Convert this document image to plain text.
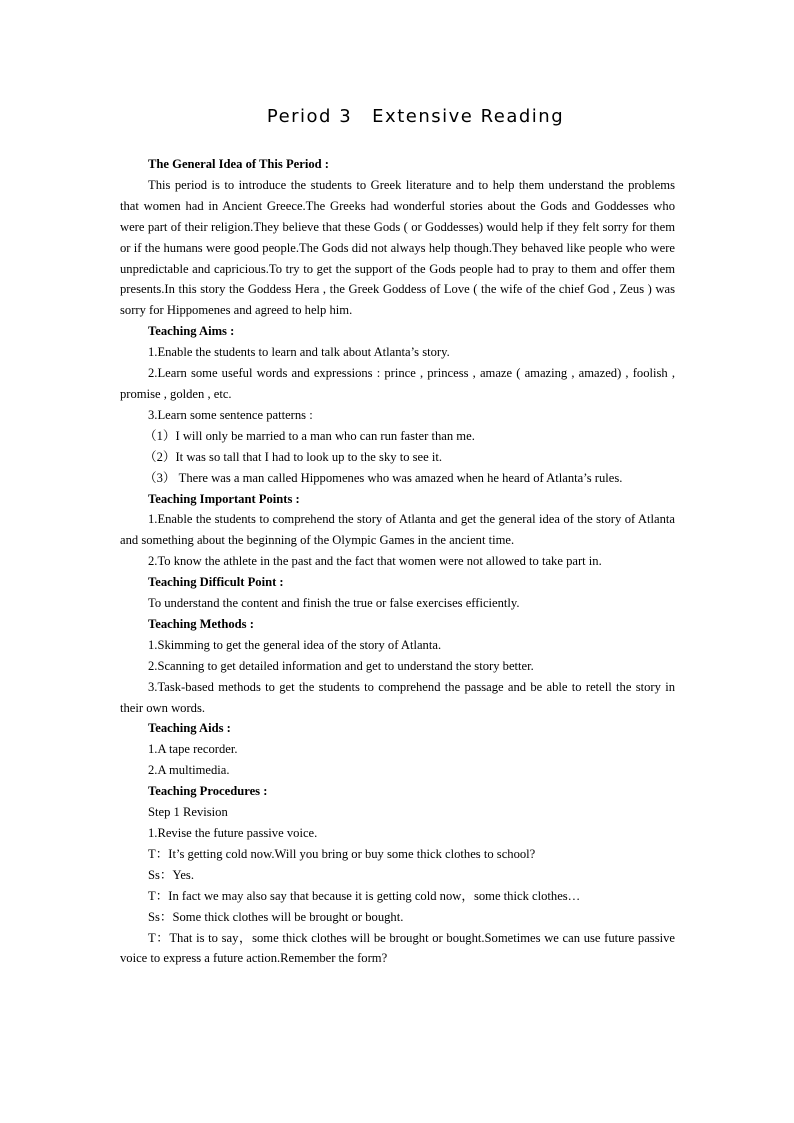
Period 3 Extensive Reading

The General Idea of This Period :

This period is to introduce the students to Greek literature and to help them understand the problems that women had in Ancient Greece.The Greeks had wonderful stories about the Gods and Goddesses who were part of their religion.They believe that these Gods ( or Goddesses) would help if they felt sorry for them or if the humans were good people.The Gods did not always help though.They behaved like people who were unpredictable and capricious.To try to get the support of the Gods people had to pray to them and offer them presents.In this story the Goddess Hera , the Greek Goddess of Love ( the wife of the chief God , Zeus ) was sorry for Hippomenes and agreed to help him.

Teaching Aims :

1.Enable the students to learn and talk about Atlanta’s story.

2.Learn some useful words and expressions : prince , princess , amaze ( amazing , amazed) , foolish , promise , golden , etc.

3.Learn some sentence patterns :

（1）I will only be married to a man who can run faster than me.

（2）It was so tall that I had to look up to the sky to see it.

（3） There was a man called Hippomenes who was amazed when he heard of Atlanta’s rules.

Teaching Important Points :

1.Enable the students to comprehend the story of Atlanta and get the general idea of the story of Atlanta and something about the beginning of the Olympic Games in the ancient time.

2.To know the athlete in the past and the fact that women were not allowed to take part in.

Teaching Difficult Point :

To understand the content and finish the true or false exercises efficiently.

Teaching Methods :

1.Skimming to get the general idea of the story of Atlanta.

2.Scanning to get detailed information and get to understand the story better.

3.Task-based methods to get the students to comprehend the passage and be able to retell the story in their own words.

Teaching Aids :

1.A tape recorder.

2.A multimedia.

Teaching Procedures :

Step 1 Revision

1.Revise the future passive voice.

T：It’s getting cold now.Will you bring or buy some thick clothes to school?

Ss：Yes.

T：In fact we may also say that because it is getting cold now，some thick clothes…

Ss：Some thick clothes will be brought or bought.

T：That is to say，some thick clothes will be brought or bought.Sometimes we can use future passive voice to express a future action.Remember the form?
